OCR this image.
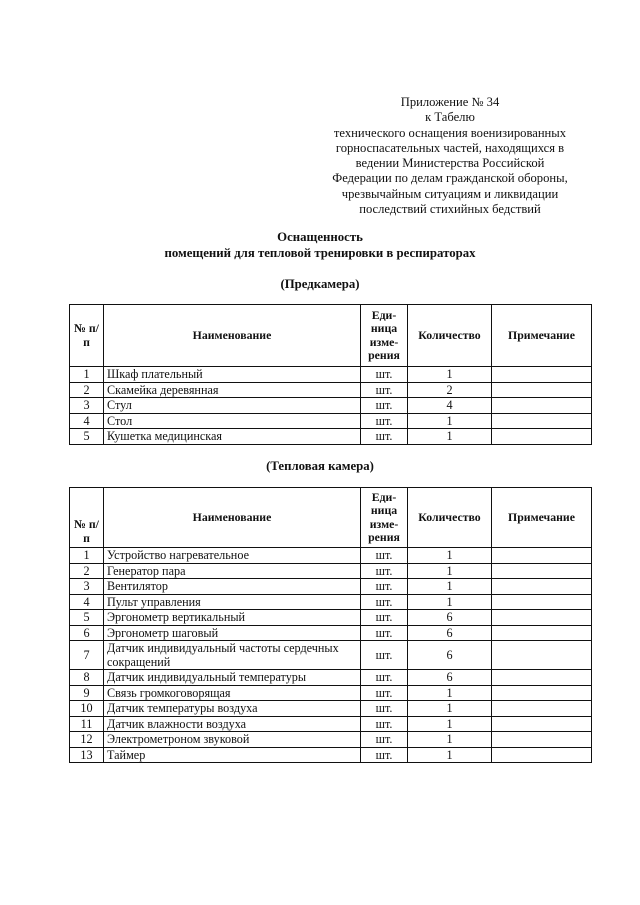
Приложение № 34
к Табелю
технического оснащения военизированных
горноспасательных частей, находящихся в
ведении Министерства Российской
Федерации по делам гражданской обороны,
чрезвычайным ситуациям и ликвидации
последствий стихийных бедствий
Оснащенность
помещений для тепловой тренировки в респираторах
(Предкамера)
№ п/п	Наименование	Еди- ница изме- рения	Количество	Примечание
1	Шкаф плательный	шт.	1	
2	Скамейка деревянная	шт.	2	
3	Стул	шт.	4	
4	Стол	шт.	1	
5	Кушетка медицинская	шт.	1	
(Тепловая камера)
№ п/п	Наименование	Еди- ница изме- рения	Количество	Примечание
1	Устройство нагревательное	шт.	1	
2	Генератор пара	шт.	1	
3	Вентилятор	шт.	1	
4	Пульт управления	шт.	1	
5	Эргонометр вертикальный	шт.	6	
6	Эргонометр шаговый	шт.	6	
7	Датчик индивидуальный частоты сердечных сокращений	шт.	6	
8	Датчик индивидуальный температуры	шт.	6	
9	Связь громкоговорящая	шт.	1	
10	Датчик температуры воздуха	шт.	1	
11	Датчик влажности воздуха	шт.	1	
12	Электрометроном звуковой	шт.	1	
13	Таймер	шт.	1	
